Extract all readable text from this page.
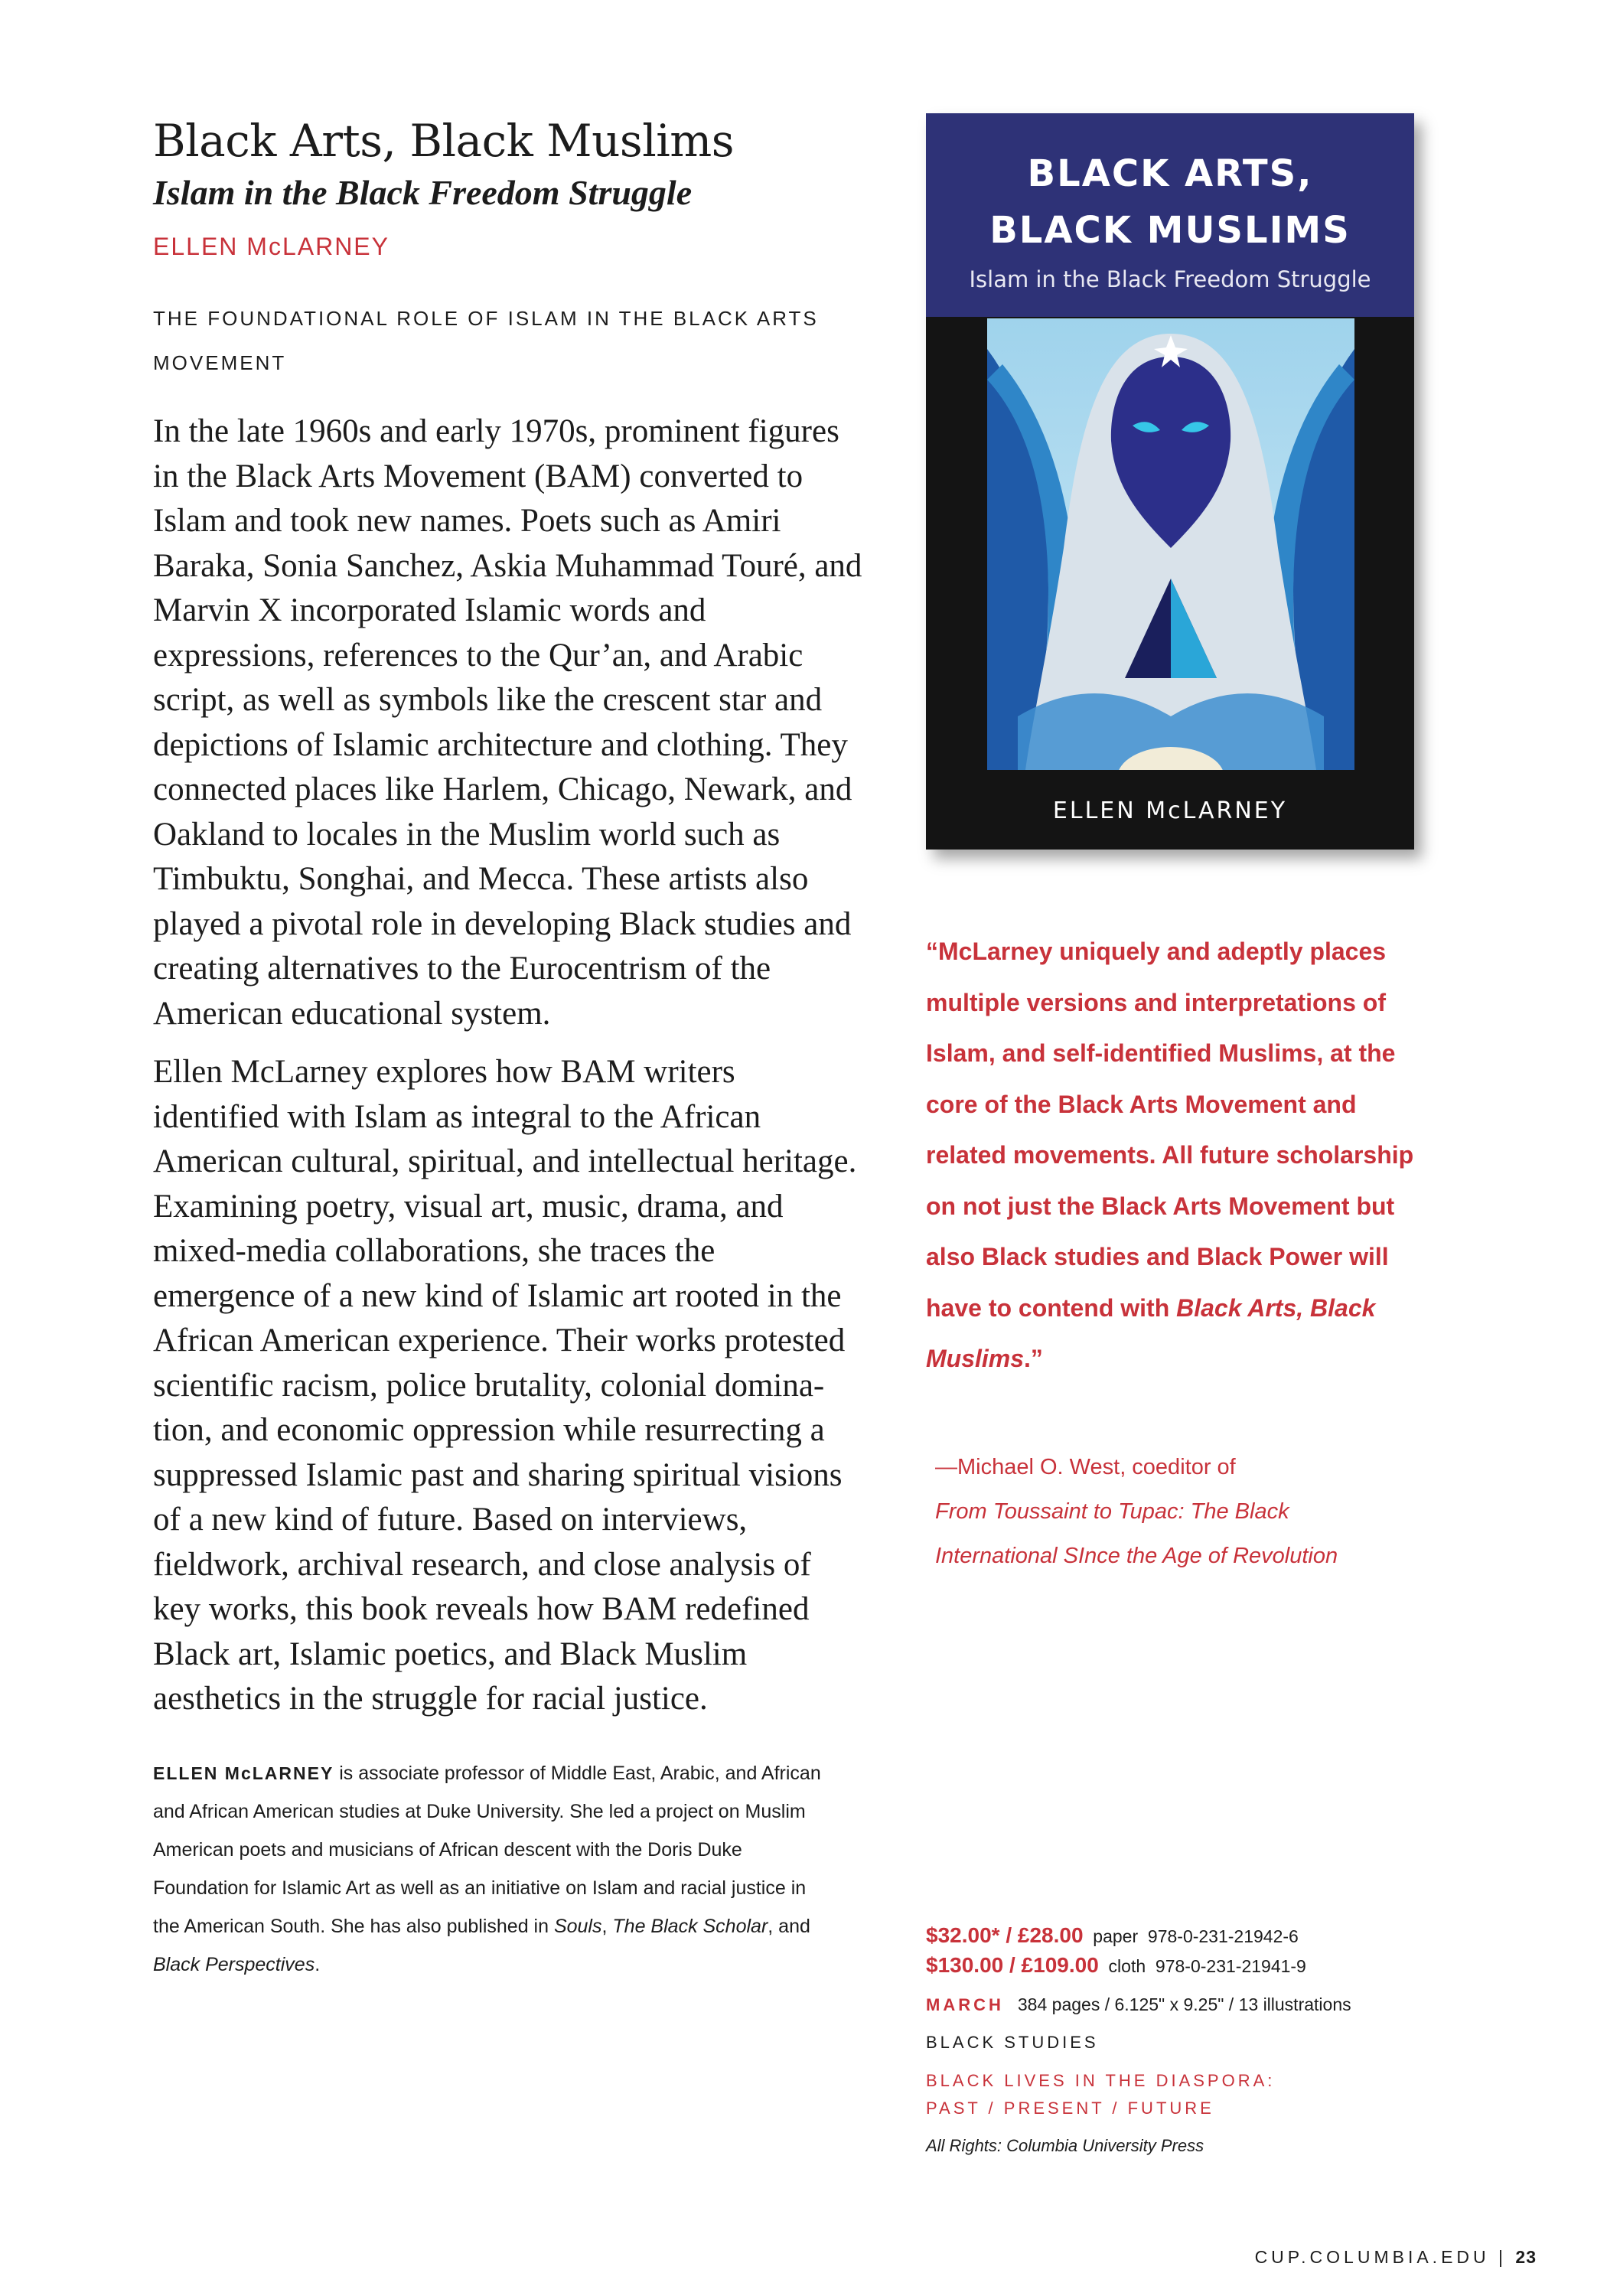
Black Arts, Black Muslims
Islam in the Black Freedom Struggle
ELLEN McLARNEY
THE FOUNDATIONAL ROLE OF ISLAM IN THE BLACK ARTS MOVEMENT

In the late 1960s and early 1970s, prominent figures in the Black Arts Movement (BAM) converted to Islam and took new names. Poets such as Amiri Baraka, Sonia Sanchez, Askia Muhammad Touré, and Marvin X incorporated Islamic words and expressions, references to the Qur’an, and Arabic script, as well as symbols like the crescent star and depictions of Islamic architecture and clothing. They connected places like Harlem, Chicago, Newark, and Oakland to locales in the Muslim world such as Timbuktu, Songhai, and Mecca. These artists also played a pivotal role in developing Black studies and creating alternatives to the Eurocentrism of the American educational system.

Ellen McLarney explores how BAM writers identified with Islam as integral to the African American cultural, spiritual, and intellectual heritage. Examining poetry, visual art, music, drama, and mixed-media collaborations, she traces the emergence of a new kind of Islamic art rooted in the African American experience. Their works protested scientific racism, police brutality, colonial domina-tion, and economic oppression while resurrecting a suppressed Islamic past and sharing spiritual visions of a new kind of future. Based on interviews, fieldwork, archival research, and close analysis of key works, this book reveals how BAM redefined Black art, Islamic poetics, and Black Muslim aesthetics in the struggle for racial justice.

ELLEN McLARNEY is associate professor of Middle East, Arabic, and African and African American studies at Duke University. She led a project on Muslim American poets and musicians of African descent with the Doris Duke Foundation for Islamic Art as well as an initiative on Islam and racial justice in the American South. She has also published in Souls, The Black Scholar, and Black Perspectives.
BLACK ARTS,
BLACK MUSLIMS
Islam in the Black Freedom Struggle
ELLEN McLARNEY
“McLarney uniquely and adeptly places multiple versions and interpretations of Islam, and self-identified Muslims, at the core of the Black Arts Movement and related movements. All future scholarship on not just the Black Arts Movement but also Black studies and Black Power will have to contend with Black Arts, Black Muslims.”
—Michael O. West, coeditor of
From Toussaint to Tupac: The Black
International SInce the Age of Revolution
$32.00* / £28.00 paper 978-0-231-21942-6
$130.00 / £109.00 cloth 978-0-231-21941-9
MARCH 384 pages / 6.125" x 9.25" / 13 illustrations
BLACK STUDIES
BLACK LIVES IN THE DIASPORA:
PAST / PRESENT / FUTURE
All Rights: Columbia University Press
CUP.COLUMBIA.EDU | 23
